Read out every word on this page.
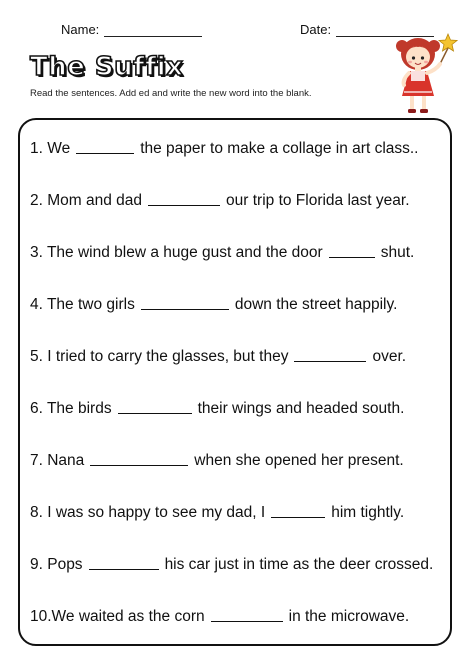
Name:	Date:
The Suffix
Read the sentences. Add ed and write the new word into the blank.
1. We	the paper to make a collage in art class..
2. Mom and dad	our trip to Florida last year.
3. The wind blew a huge gust and the door	shut.
4. The two girls	down the street happily.
5. I tried to carry the glasses, but they	over.
6. The birds	their wings and headed south.
7. Nana	when she opened her present.
8. I was so happy to see my dad, I	him tightly.
9. Pops	his car just in time as the deer crossed.
10.We waited as the corn	in the microwave.
